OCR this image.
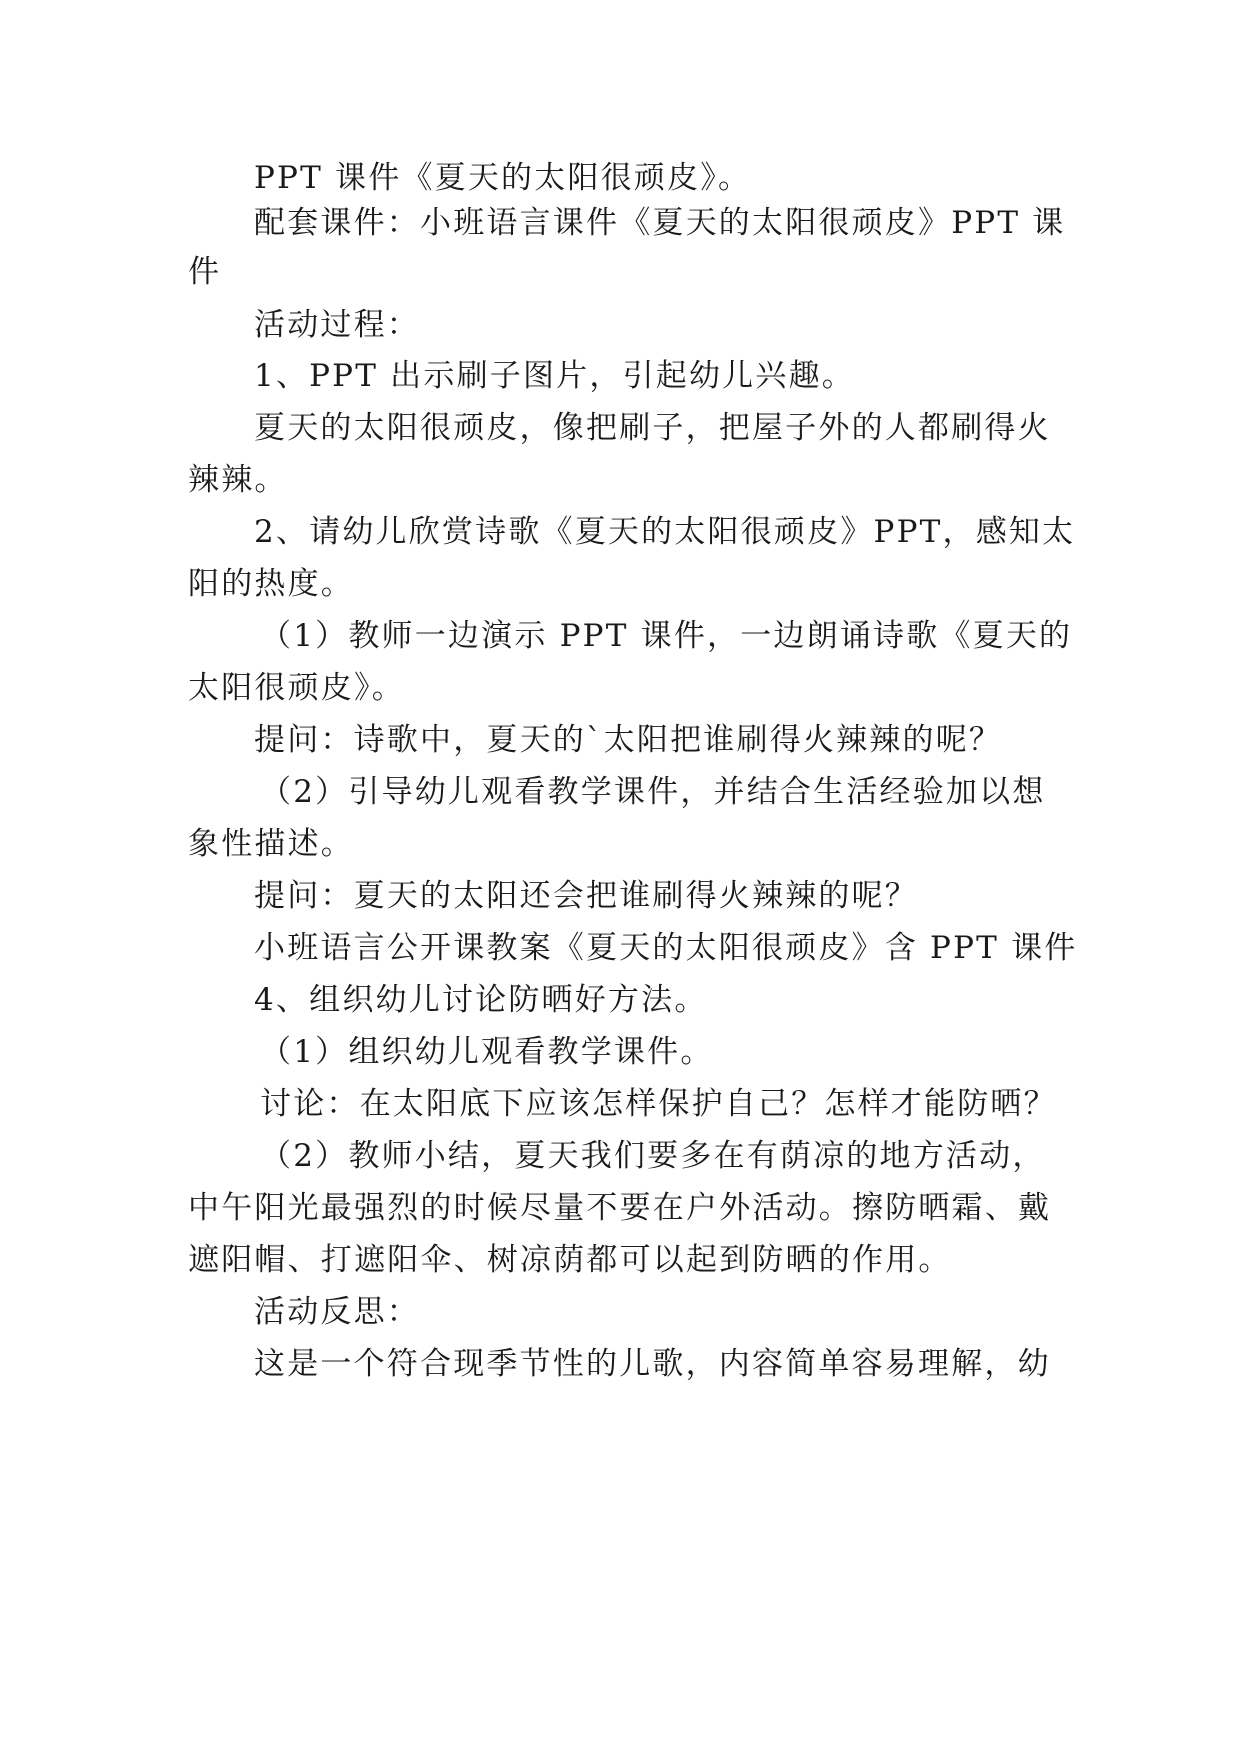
PPT 课件《夏天的太阳很顽皮》。
配套课件：小班语言课件《夏天的太阳很顽皮》PPT 课
件
活动过程：
1、PPT 出示刷子图片，引起幼儿兴趣。
夏天的太阳很顽皮，像把刷子，把屋子外的人都刷得火
辣辣。
2、请幼儿欣赏诗歌《夏天的太阳很顽皮》PPT，感知太
阳的热度。
（1）教师一边演示 PPT 课件，一边朗诵诗歌《夏天的
太阳很顽皮》。
提问：诗歌中，夏天的`太阳把谁刷得火辣辣的呢？
（2）引导幼儿观看教学课件，并结合生活经验加以想
象性描述。
提问：夏天的太阳还会把谁刷得火辣辣的呢？
小班语言公开课教案《夏天的太阳很顽皮》含 PPT 课件
4、组织幼儿讨论防晒好方法。
（1）组织幼儿观看教学课件。
讨论：在太阳底下应该怎样保护自己？怎样才能防晒？
（2）教师小结，夏天我们要多在有荫凉的地方活动，
中午阳光最强烈的时候尽量不要在户外活动。擦防晒霜、戴
遮阳帽、打遮阳伞、树凉荫都可以起到防晒的作用。
活动反思：
这是一个符合现季节性的儿歌，内容简单容易理解，幼
